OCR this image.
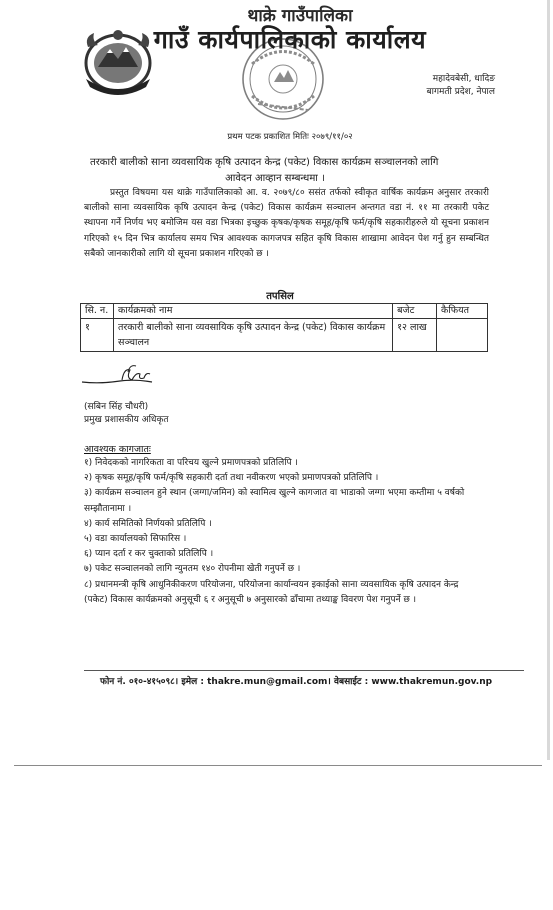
थाक्रे गाउँपालिका
गाउँ कार्यपालिकाको कार्यालय
महादेवबेसी, धादिङ
बागमती प्रदेश, नेपाल
प्रथम पटक प्रकाशित मितिः २०७९/११/०२
तरकारी बालीको साना व्यवसायिक कृषि उत्पादन केन्द्र (पकेट) विकास कार्यक्रम सञ्चालनको लागि
आवेदन आव्हान सम्बन्धमा ।
प्रस्तुत विषयमा यस थाक्रे गाउँपालिकाको आ. व. २०७९/८० ससंत तर्फको स्वीकृत वार्षिक कार्यक्रम अनुसार तरकारी बालीको साना व्यवसायिक कृषि उत्पादन केन्द्र (पकेट) विकास कार्यक्रम सञ्चालन अन्तगत वडा नं. ११ मा तरकारी पकेट स्थापना गर्ने निर्णय भए बमोजिम यस वडा भित्रका इच्छुक कृषक/कृषक समूह/कृषि फर्म/कृषि सहकारीहरुले यो सूचना प्रकाशन गरिएको १५ दिन भित्र कार्यालय समय भित्र आवश्यक कागजपत्र सहित कृषि विकास शाखामा आवेदन पेश गर्नु हुन सम्बन्धित सबैको जानकारीको लागि यो सूचना प्रकाशन गरिएको छ ।
तपसिल
सि. न.	कार्यक्रमको नाम	बजेट	कैफियत
१	तरकारी बालीको साना व्यवसायिक कृषि उत्पादन केन्द्र (पकेट) विकास कार्यक्रम सञ्चालन	१२ लाख	
(सबिन सिंह चौधरी)
प्रमुख प्रशासकीय अधिकृत
आवश्यक कागजातः
१) निवेदकको नागरिकता वा परिचय खुल्ने प्रमाणपत्रको प्रतिलिपि ।
२) कृषक समूह/कृषि फर्म/कृषि सहकारी दर्ता तथा नवीकरण भएको प्रमाणपत्रको प्रतिलिपि ।
३) कार्यक्रम सञ्चालन हुने स्थान (जग्गा/जमिन) को स्वामित्व खुल्ने कागजात वा भाडाको जग्गा भएमा कम्तीमा ५ वर्षको सम्झौतानामा ।
४) कार्य समितिको निर्णयको प्रतिलिपि ।
५) वडा कार्यालयको सिफारिस ।
६) प्यान दर्ता र कर चुक्ताको प्रतिलिपि ।
७) पकेट सञ्चालनको लागि न्युनतम १४० रोपनीमा खेती गनुपर्ने छ ।
८) प्रधानमन्त्री कृषि आधुनिकीकरण परियोजना, परियोजना कार्यान्वयन इकाईको साना व्यवसायिक कृषि उत्पादन केन्द्र (पकेट) विकास कार्यक्रमको अनुसूची ६ र अनुसूची ७ अनुसारको ढाँचामा तथ्याङ्क विवरण पेश गनुपर्ने छ ।
फोन नं. ०१०-४१५०९८। इमेल : thakre.mun@gmail.com। वेबसाईट : www.thakremun.gov.np
